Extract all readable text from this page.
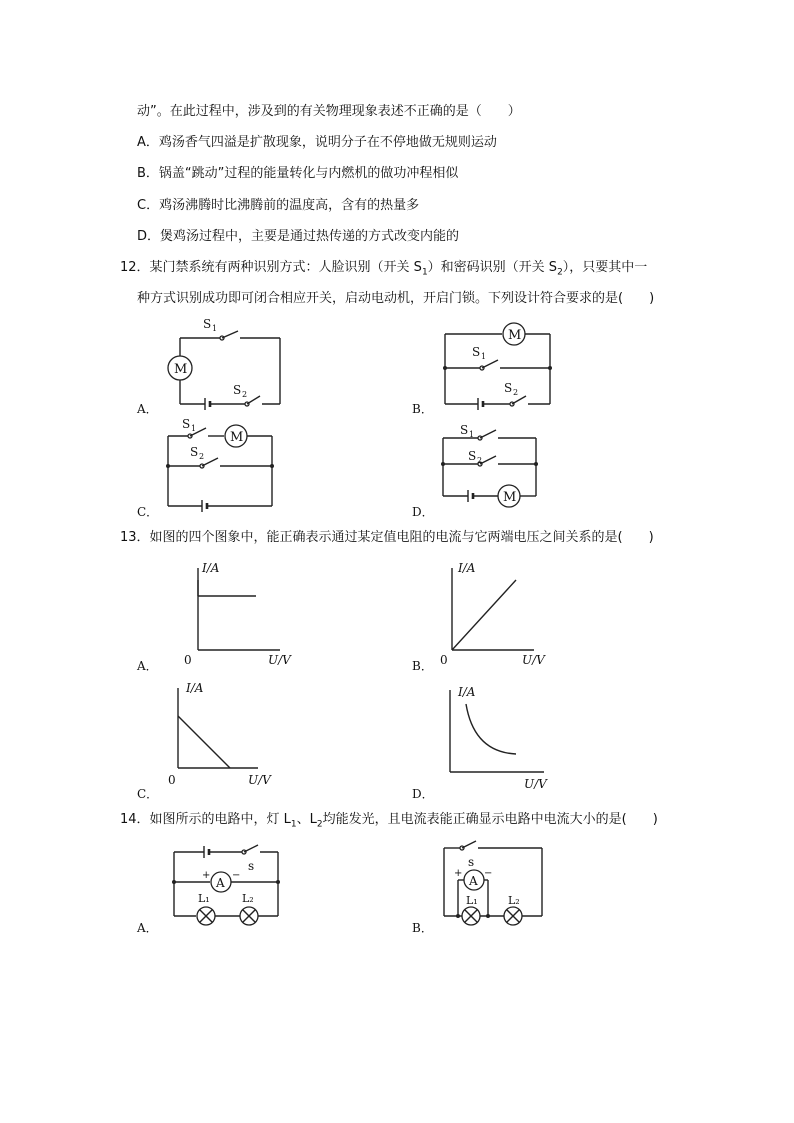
动”。在此过程中，涉及到的有关物理现象表述不正确的是（　　）
A．鸡汤香气四溢是扩散现象，说明分子在不停地做无规则运动
B．锅盖“跳动”过程的能量转化与内燃机的做功冲程相似
C．鸡汤沸腾时比沸腾前的温度高，含有的热量多
D．煲鸡汤过程中，主要是通过热传递的方式改变内能的
12．某门禁系统有两种识别方式：人脸识别（开关 $S_1$）和密码识别（开关 $S_2$），只要其中一
种方式识别成功即可闭合相应开关，启动电动机，开启门锁。下列设计符合要求的是(　　)
A．
M
S 1
S 2
B．
M
S 1
S 2
C．
M
S 1
S 2
D．
S 1
S 2
M
13．如图的四个图象中，能正确表示通过某定值电阻的电流与它两端电压之间关系的是(　　)
A．
I/A
0	U/V	B．
I/A
0	U/V
C．
I/A
0	U/V
D．
I/A
U/V
14．如图所示的电路中，灯 $L_1$、$L_2$均能发光，且电流表能正确显示电路中电流大小的是(　　)
A．
s
A
+ −
L₁	L₂
B．
s
A
+ −
L₁	L₂
